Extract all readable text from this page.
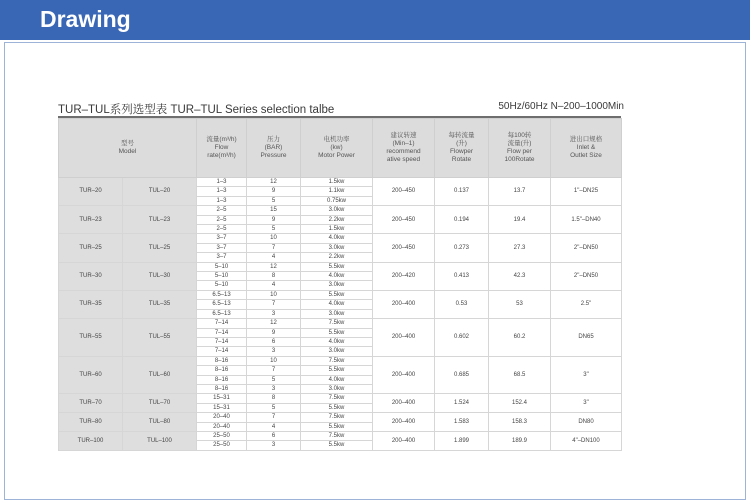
Drawing
TUR–TUL系列选型表 TUR–TUL Series selection talbe	50Hz/60Hz N–200–1000Min
型号
Model		流量(m³/h)
Flow
rate(m³/h)	压力
(BAR)
Pressure	电机功率
(kw)
Motor Power	建议转速
(Min–1)
recommend
ative speed	每转流量
(升)
Flowper
Rotate	每100转
流量(升)
Flow per
100Rotate	进出口规格
Inlet &
Outlet Size

TUR–20	TUL–20	1–3	12	1.5kw	200–450	0.137	13.7	1"–DN25
		1–3	9	1.1kw				
		1–3	5	0.75kw				
TUR–23	TUL–23	2–5	15	3.0kw	200–450	0.194	19.4	1.5"–DN40
		2–5	9	2.2kw				
		2–5	5	1.5kw				
TUR–25	TUL–25	3–7	10	4.0kw	200–450	0.273	27.3	2"–DN50
		3–7	7	3.0kw				
		3–7	4	2.2kw				
TUR–30	TUL–30	5–10	12	5.5kw	200–420	0.413	42.3	2"–DN50
		5–10	8	4.0kw				
		5–10	4	3.0kw				
TUR–35	TUL–35	6.5–13	10	5.5kw	200–400	0.53	53	2.5"
		6.5–13	7	4.0kw				
		6.5–13	3	3.0kw				
TUR–55	TUL–55	7–14	12	7.5kw	200–400	0.602	60.2	DN65
		7–14	9	5.5kw				
		7–14	6	4.0kw				
		7–14	3	3.0kw				
TUR–60	TUL–60	8–16	10	7.5kw	200–400	0.685	68.5	3"
		8–16	7	5.5kw				
		8–16	5	4.0kw				
		8–16	3	3.0kw				
TUR–70	TUL–70	15–31	8	7.5kw	200–400	1.524	152.4	3"
		15–31	5	5.5kw				
TUR–80	TUL–80	20–40	7	7.5kw	200–400	1.583	158.3	DN80
		20–40	4	5.5kw				
TUR–100	TUL–100	25–50	6	7.5kw	200–400	1.899	189.9	4"–DN100
		25–50	3	5.5kw				
